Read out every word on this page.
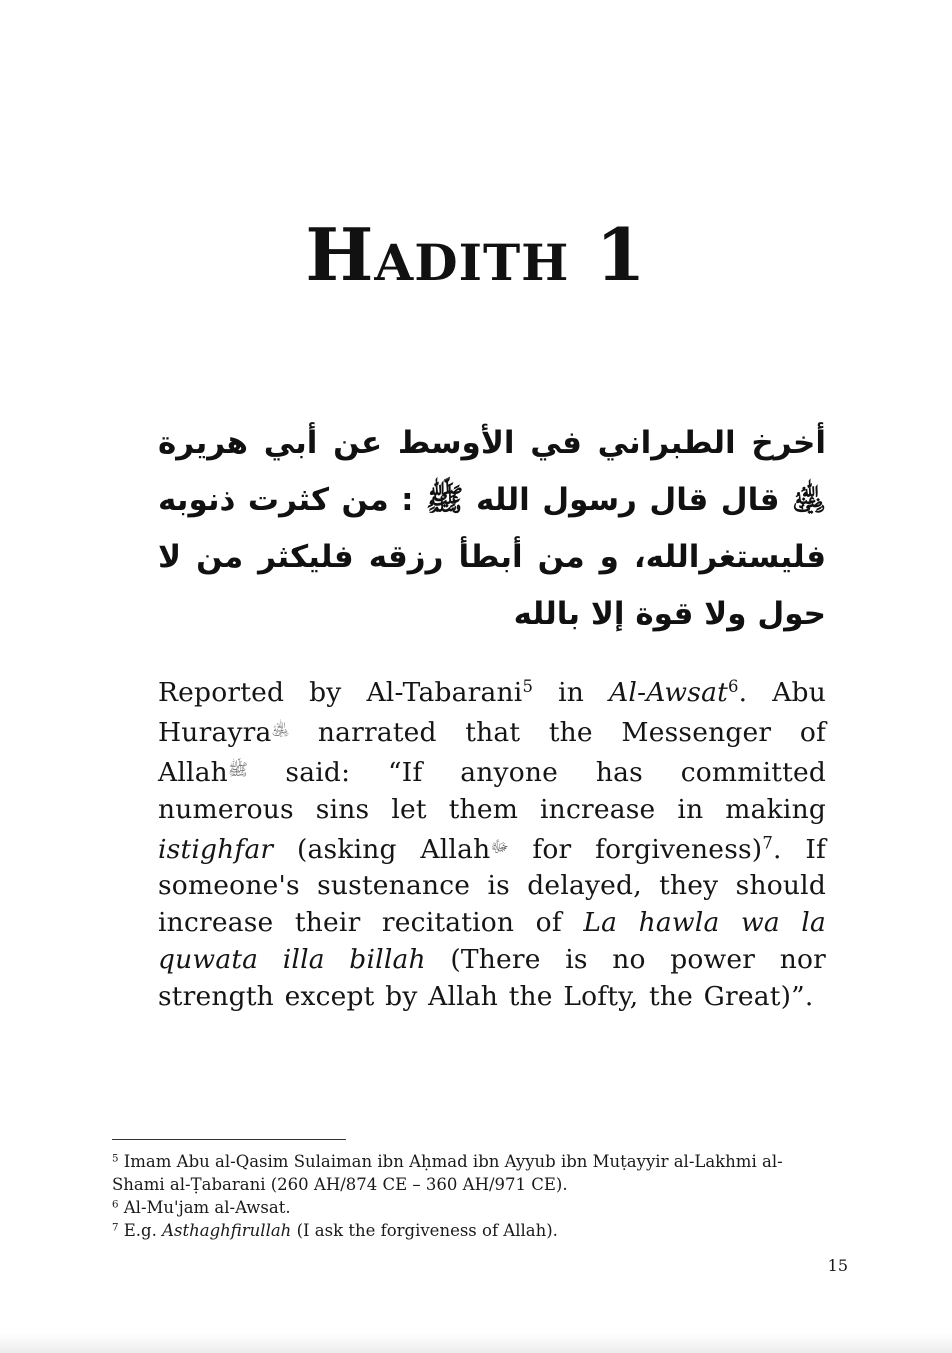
Hadith 1

أخرخ الطبراني في الأوسط عن أبي هريرة ﵁ قال قال رسول الله ﷺ : من كثرت ذنوبه فليستغرالله، و من أبطأ رزقه فليكثر من لا حول ولا قوة إلا بالله

Reported by Al-Tabarani$^5$ in Al-Awsat$^6$. Abu Hurayra﵁ narrated that the Messenger of Allah$^ﷺ$ said: “If anyone has committed numerous sins let them increase in making istighfar (asking Allah$^ﷻ$ for forgiveness)$^7$. If someone's sustenance is delayed, they should increase their recitation of La hawla wa la quwata illa billah (There is no power nor strength except by Allah the Lofty, the Great)”.

$^5$ Imam Abu al-Qasim Sulaiman ibn Aḥmad ibn Ayyub ibn Muṭayyir al-Lakhmi al-Shami al-Ṭabarani (260 AH/874 CE – 360 AH/971 CE).

$^6$ Al-Mu'jam al-Awsat.

$^7$ E.g. Asthaghfirullah (I ask the forgiveness of Allah).

15
